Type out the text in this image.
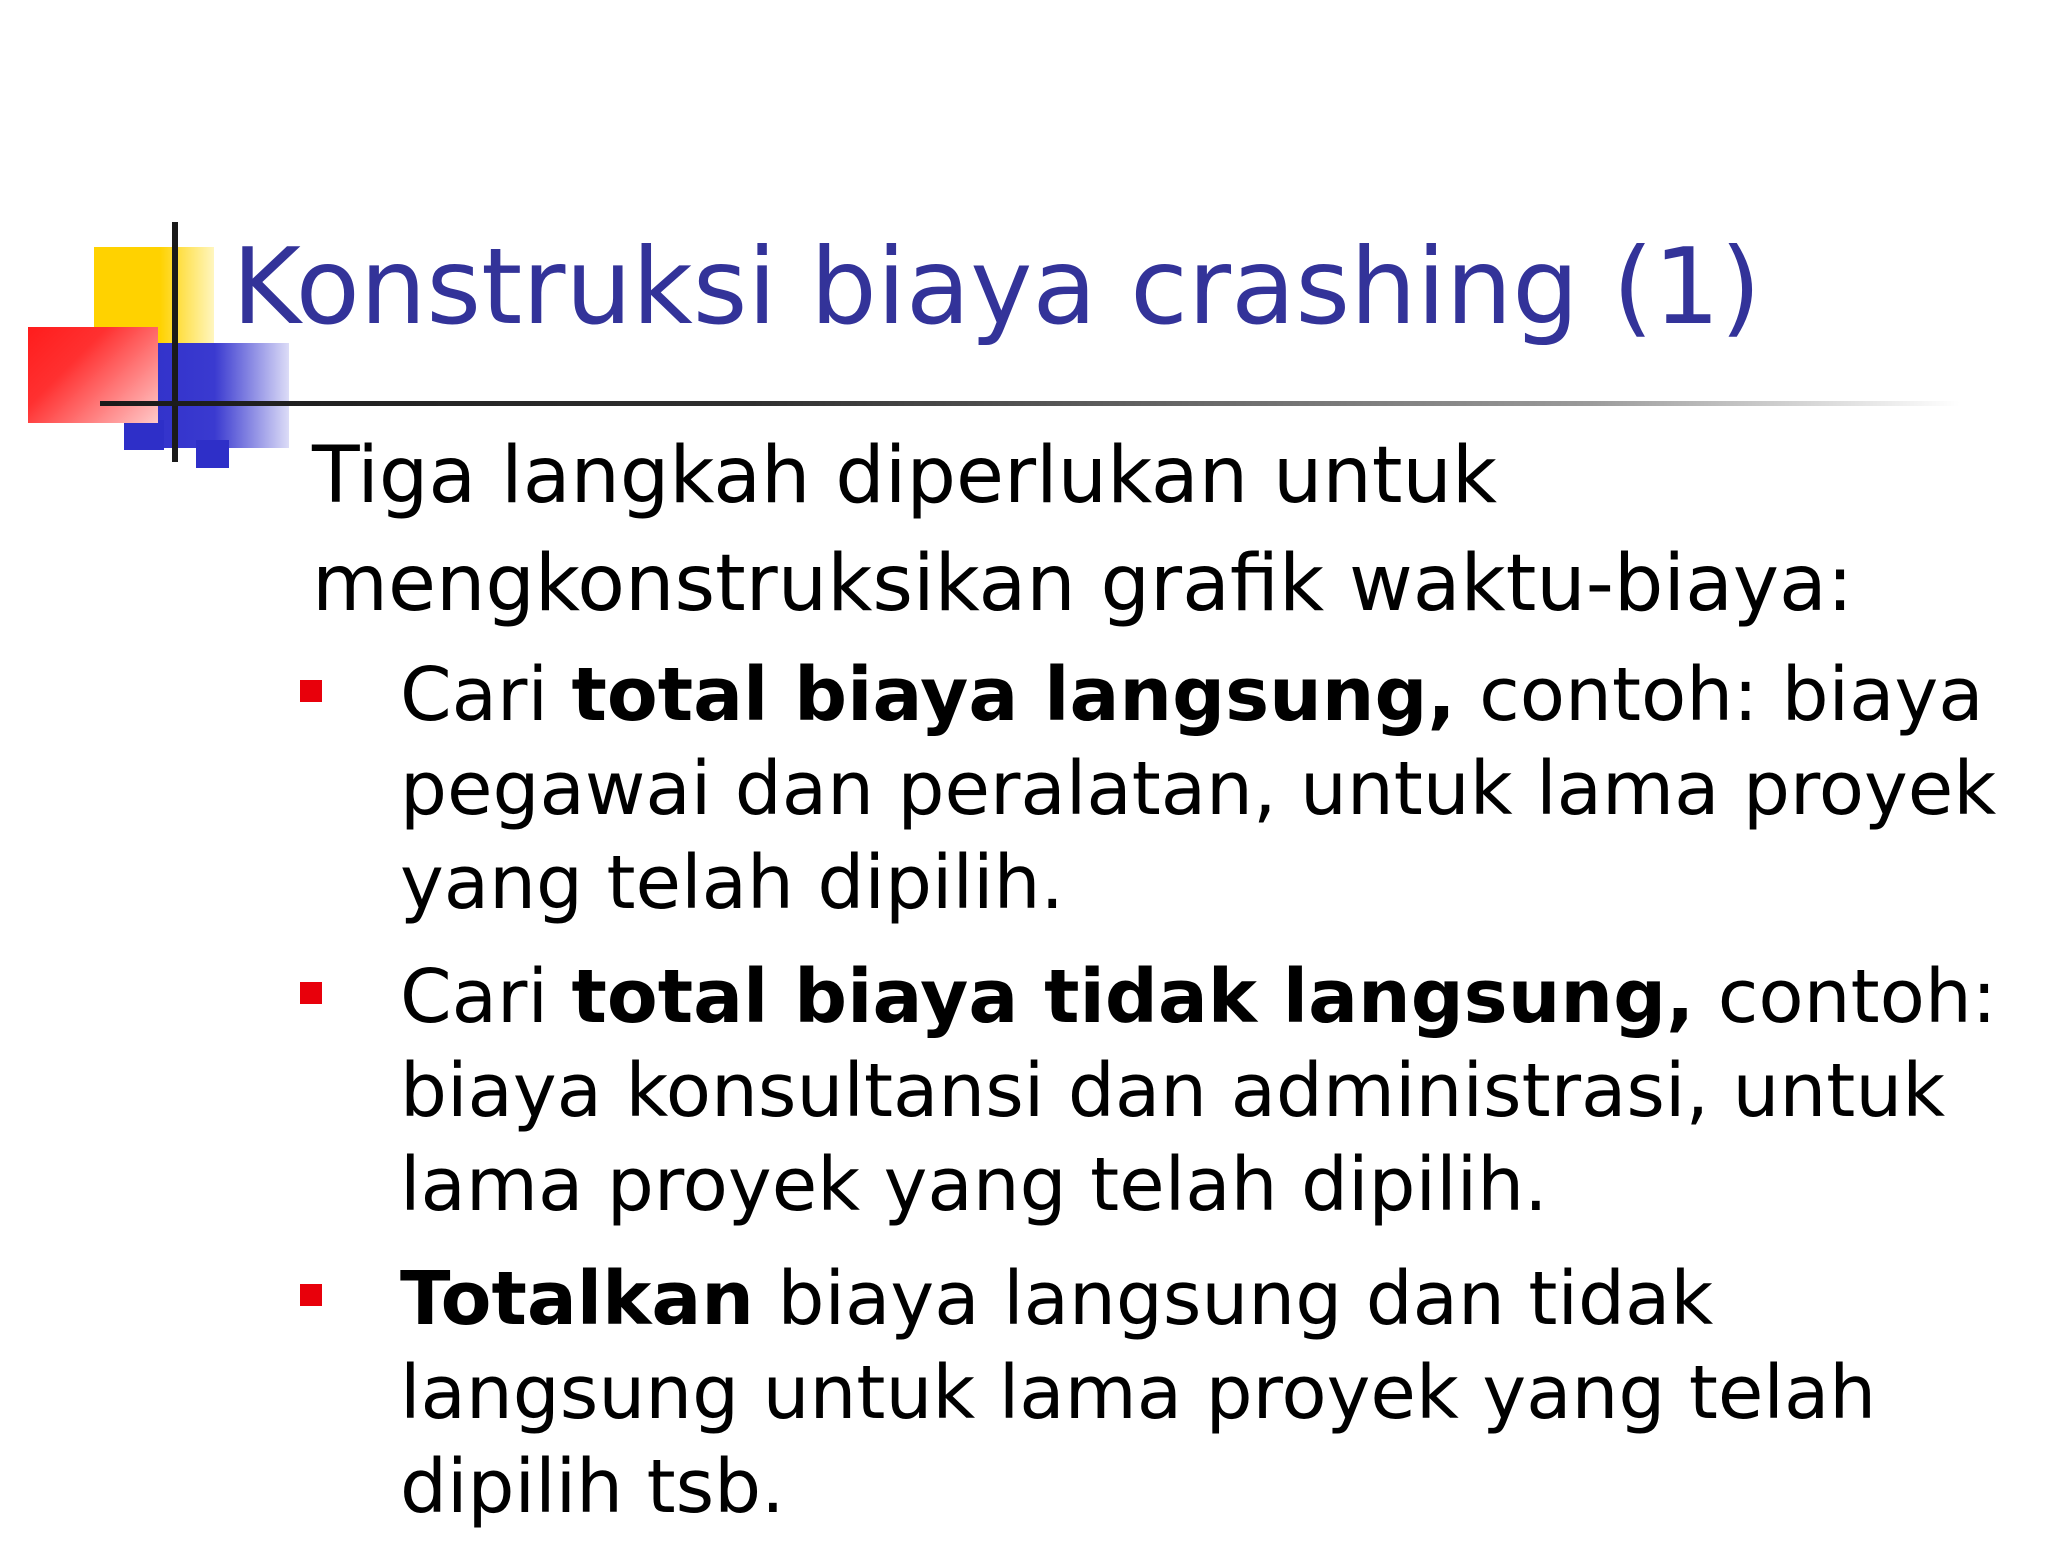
Konstruksi biaya crashing (1)
Tiga langkah diperlukan untuk mengkonstruksikan grafik waktu-biaya:
Cari total biaya langsung, contoh: biaya pegawai dan peralatan, untuk lama proyek yang telah dipilih.
Cari total biaya tidak langsung, contoh: biaya konsultansi dan administrasi, untuk lama proyek yang telah dipilih.
Totalkan biaya langsung dan tidak langsung untuk lama proyek yang telah dipilih tsb.
